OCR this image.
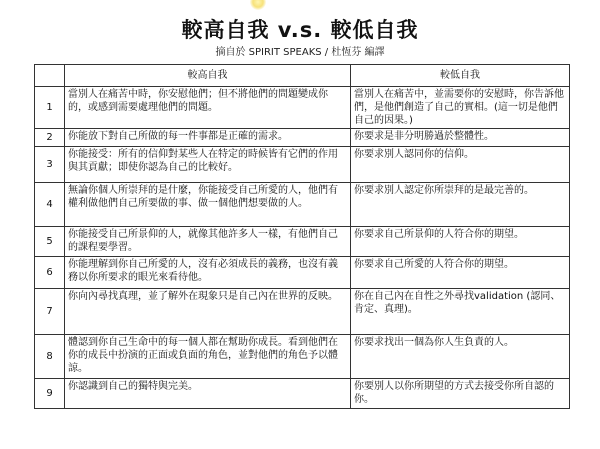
較高自我 v.s. 較低自我
摘自於 SPIRIT SPEAKS / 杜恆芬 編譯
	較高自我	較低自我
1	當別人在痛苦中時，你安慰他們；但不將他們的問題變成你的，或感到需要處理他們的問題。	當別人在痛苦中，並需要你的安慰時，你告訴他們，是他們創造了自己的實相。(這一切是他們自己的因果。)
2	你能放下對自己所做的每一件事都是正確的需求。	你要求是非分明勝過於整體性。
3	你能接受：所有的信仰對某些人在特定的時候皆有它們的作用與其貢獻；即使你認為自己的比較好。	你要求別人認同你的信仰。
4	無論你個人所崇拜的是什麼，你能接受自己所愛的人，他們有權利做他們自己所要做的事、做一個他們想要做的人。	你要求別人認定你所崇拜的是最完善的。
5	你能接受自己所景仰的人，就像其他許多人一樣，有他們自己的課程要學習。	你要求自己所景仰的人符合你的期望。
6	你能理解到你自己所愛的人，沒有必須成長的義務，也沒有義務以你所要求的眼光來看待他。	你要求自己所愛的人符合你的期望。
7	你向內尋找真理，並了解外在現象只是自己內在世界的反映。	你在自己內在自性之外尋找validation (認同、肯定、真理)。
8	體認到你自己生命中的每一個人都在幫助你成長。看到他們在你的成長中扮演的正面或負面的角色，並對他們的角色予以體諒。	你要求找出一個為你人生負責的人。
9	你認識到自己的獨特與完美。	你要別人以你所期望的方式去接受你所自認的你。
